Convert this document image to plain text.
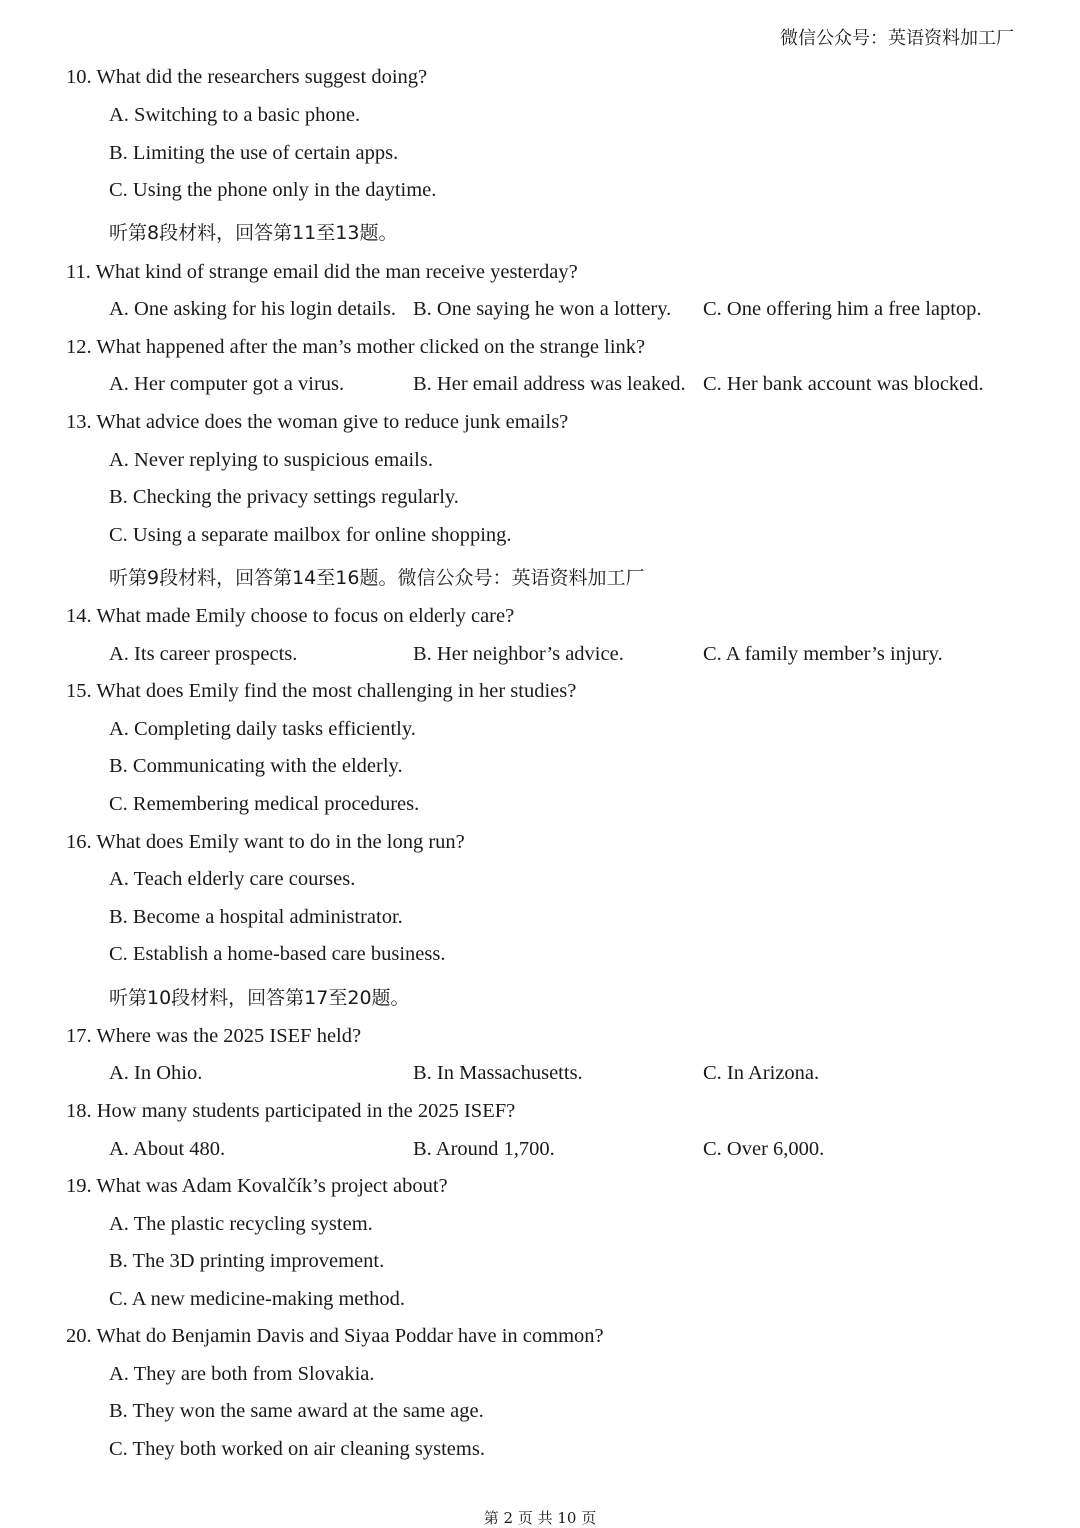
微信公众号：英语资料加工厂
10. What did the researchers suggest doing?
A. Switching to a basic phone.
B. Limiting the use of certain apps.
C. Using the phone only in the daytime.
听第8段材料，回答第11至13题。
11. What kind of strange email did the man receive yesterday?
A. One asking for his login details. B. One saying he won a lottery. C. One offering him a free laptop.
12. What happened after the man’s mother clicked on the strange link?
A. Her computer got a virus.	B. Her email address was leaked. C. Her bank account was blocked.
13. What advice does the woman give to reduce junk emails?
A. Never replying to suspicious emails.
B. Checking the privacy settings regularly.
C. Using a separate mailbox for online shopping.
听第9段材料，回答第14至16题。微信公众号：英语资料加工厂
14. What made Emily choose to focus on elderly care?
A. Its career prospects.	B. Her neighbor’s advice.	C. A family member’s injury.
15. What does Emily find the most challenging in her studies?
A. Completing daily tasks efficiently.
B. Communicating with the elderly.
C. Remembering medical procedures.
16. What does Emily want to do in the long run?
A. Teach elderly care courses.
B. Become a hospital administrator.
C. Establish a home-based care business.
听第10段材料，回答第17至20题。
17. Where was the 2025 ISEF held?
A. In Ohio.	B. In Massachusetts.	C. In Arizona.
18. How many students participated in the 2025 ISEF?
A. About 480.	B. Around 1,700.	C. Over 6,000.
19. What was Adam Kovalčík’s project about?
A. The plastic recycling system.
B. The 3D printing improvement.
C. A new medicine-making method.
20. What do Benjamin Davis and Siyaa Poddar have in common?
A. They are both from Slovakia.
B. They won the same award at the same age.
C. They both worked on air cleaning systems.
第 2 页 共 10 页
